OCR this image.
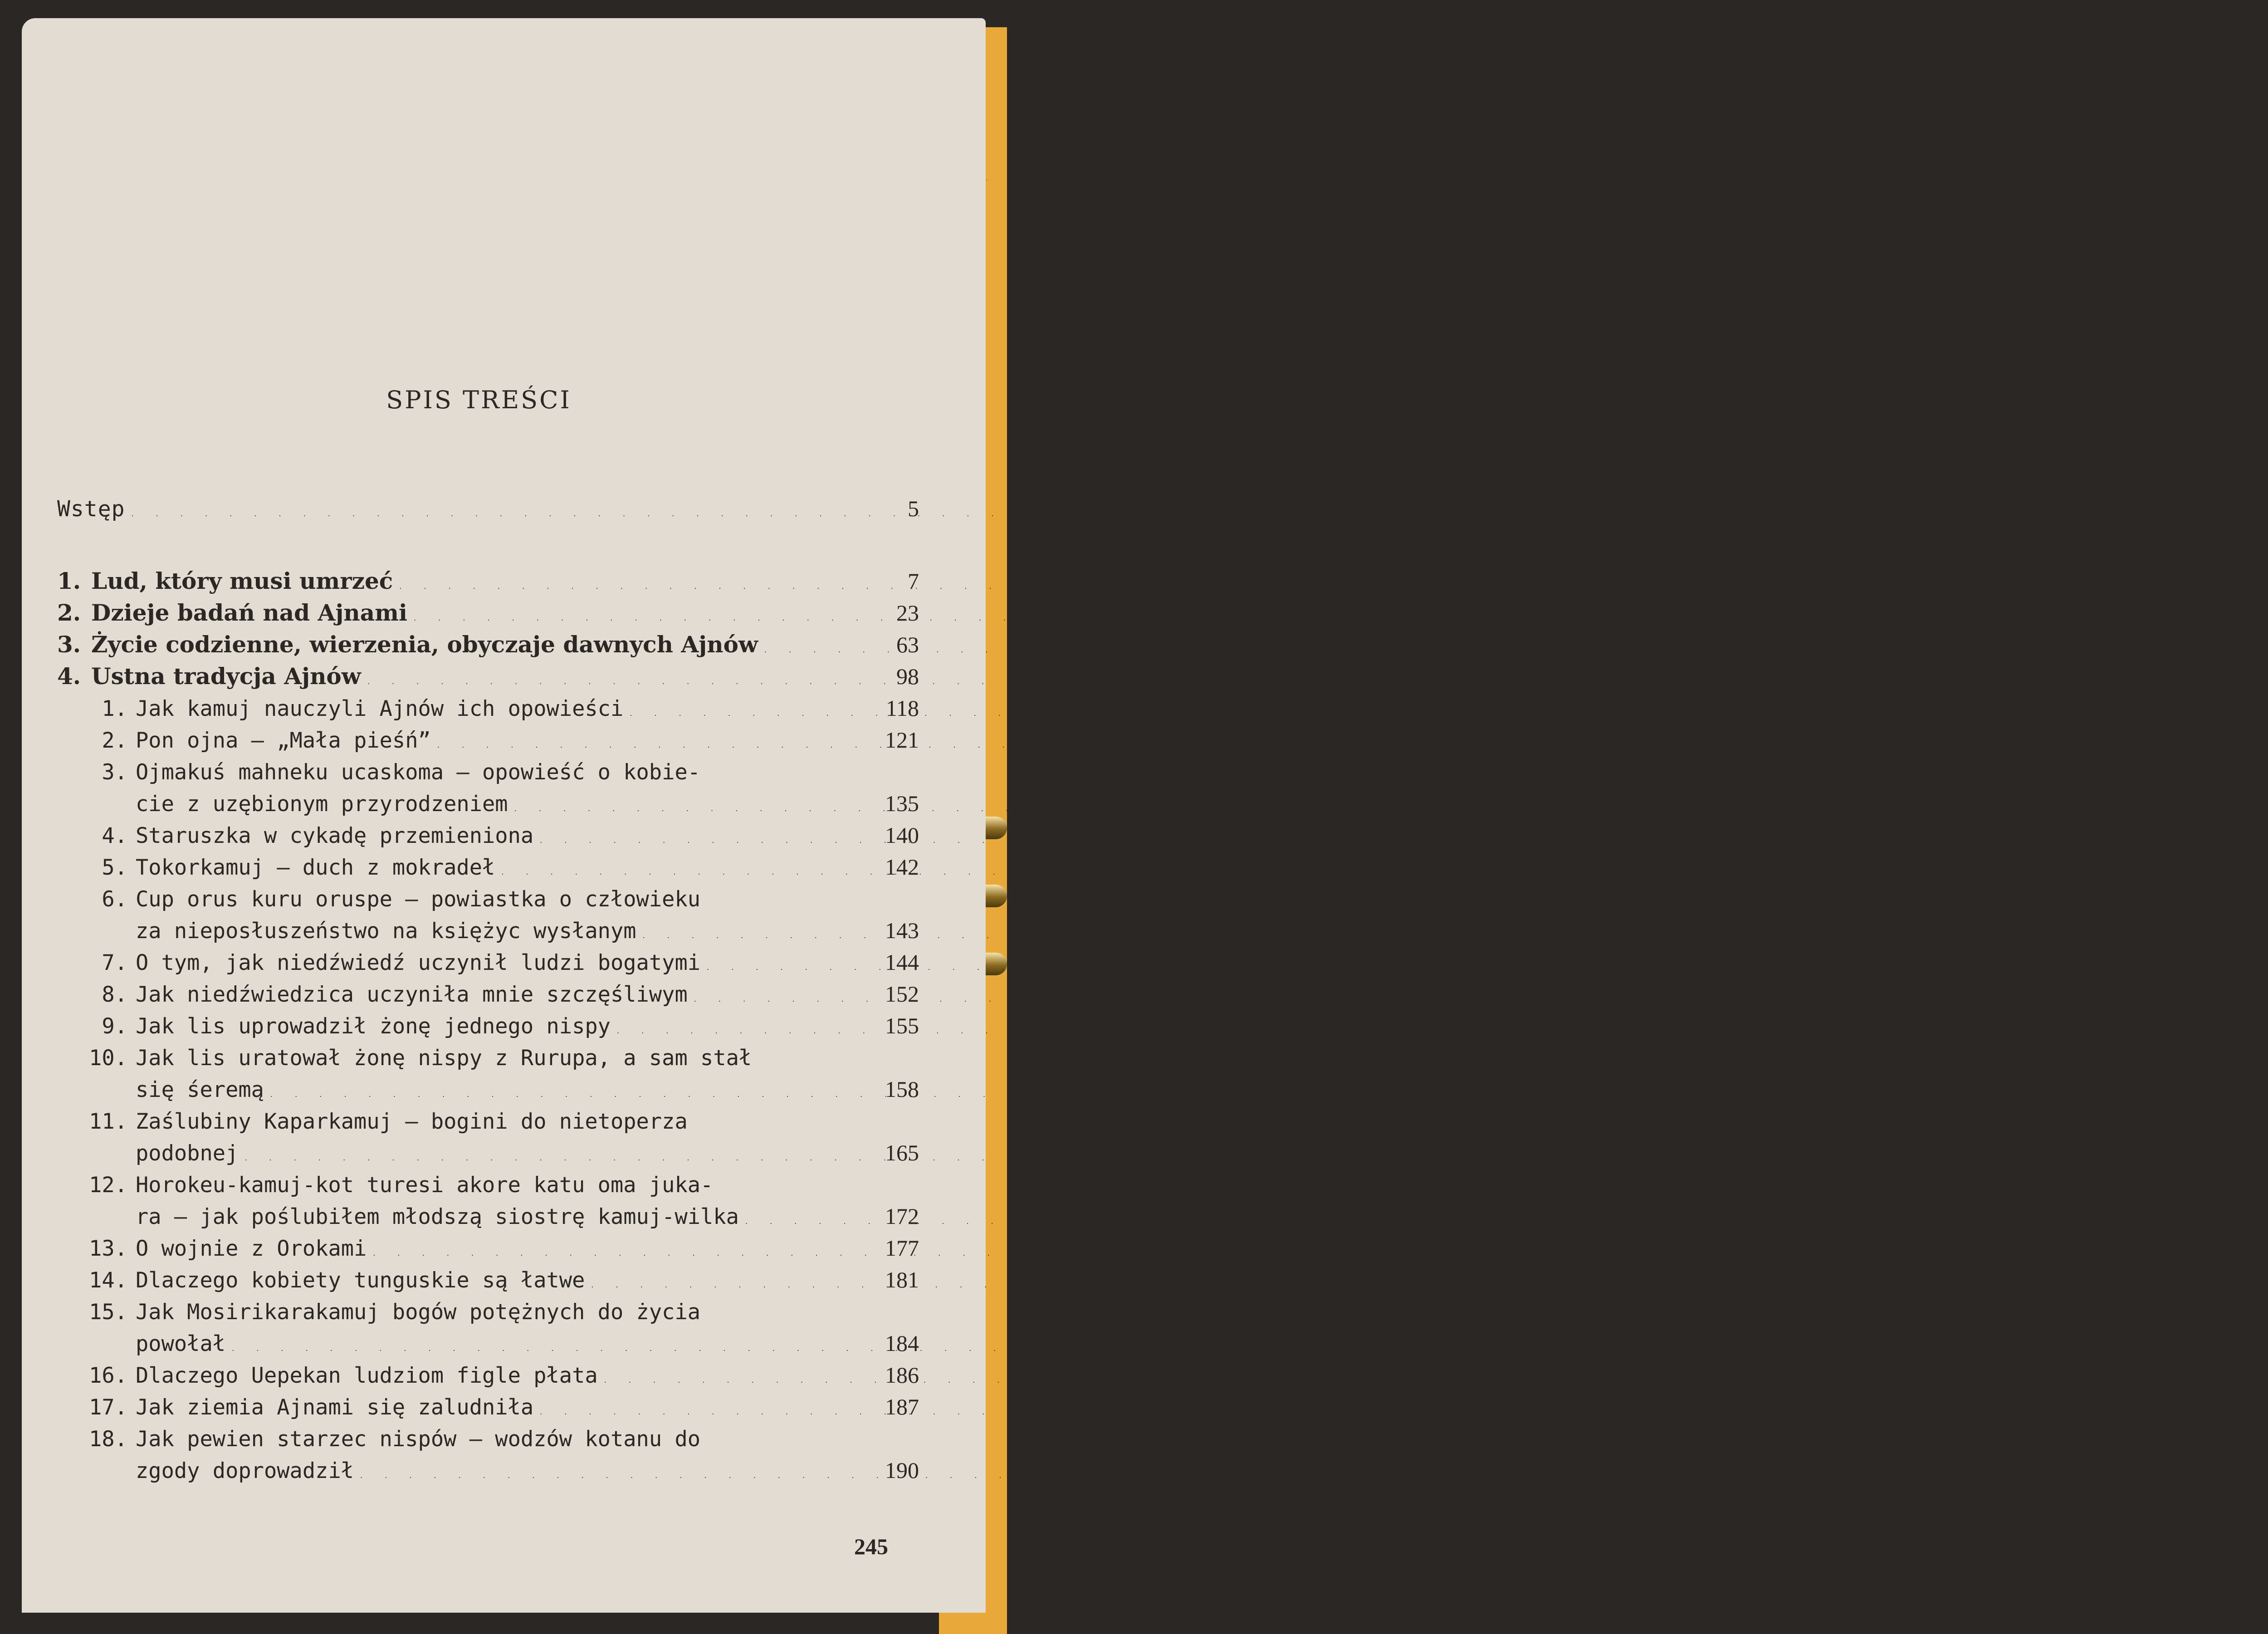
SPIS TREŚCI
Wstęp . . .	5
1. Lud, który musi umrzeć . . .	7
2. Dzieje badań nad Ajnami . . .	23
3. Życie codzienne, wierzenia, obyczaje dawnych Ajnów . . .	63
4. Ustna tradycja Ajnów . . .	98
1. Jak kamuj nauczyli Ajnów ich opowieści . . .	118
2. Pon ojna — „Mała pieśń” . . .	121
3. Ojmakuś mahneku ucaskoma — opowieść o kobie-
cie z uzębionym przyrodzeniem . . .	135
4. Staruszka w cykadę przemieniona . . .	140
5. Tokorkamuj — duch z mokradeł . . .	142
6. Cup orus kuru oruspe — powiastka o człowieku
za nieposłuszeństwo na księżyc wysłanym . . .	143
7. O tym, jak niedźwiedź uczynił ludzi bogatymi . . .	144
8. Jak niedźwiedzica uczyniła mnie szczęśliwym . . .	152
9. Jak lis uprowadził żonę jednego nispy . . .	155
10. Jak lis uratował żonę nispy z Rurupa, a sam stał
się śeremą . . .	158
11. Zaślubiny Kaparkamuj — bogini do nietoperza
podobnej . . .	165
12. Horokeu-kamuj-kot turesi akore katu oma juka-
ra — jak poślubiłem młodszą siostrę kamuj-wilka . . .	172
13. O wojnie z Orokami . . .	177
14. Dlaczego kobiety tunguskie są łatwe . . .	181
15. Jak Mosirikarakamuj bogów potężnych do życia
powołał . . .	184
16. Dlaczego Uepekan ludziom figle płata . . .	186
17. Jak ziemia Ajnami się zaludniła . . .	187
18. Jak pewien starzec nispów — wodzów kotanu do
zgody doprowadził . . .	190
245
